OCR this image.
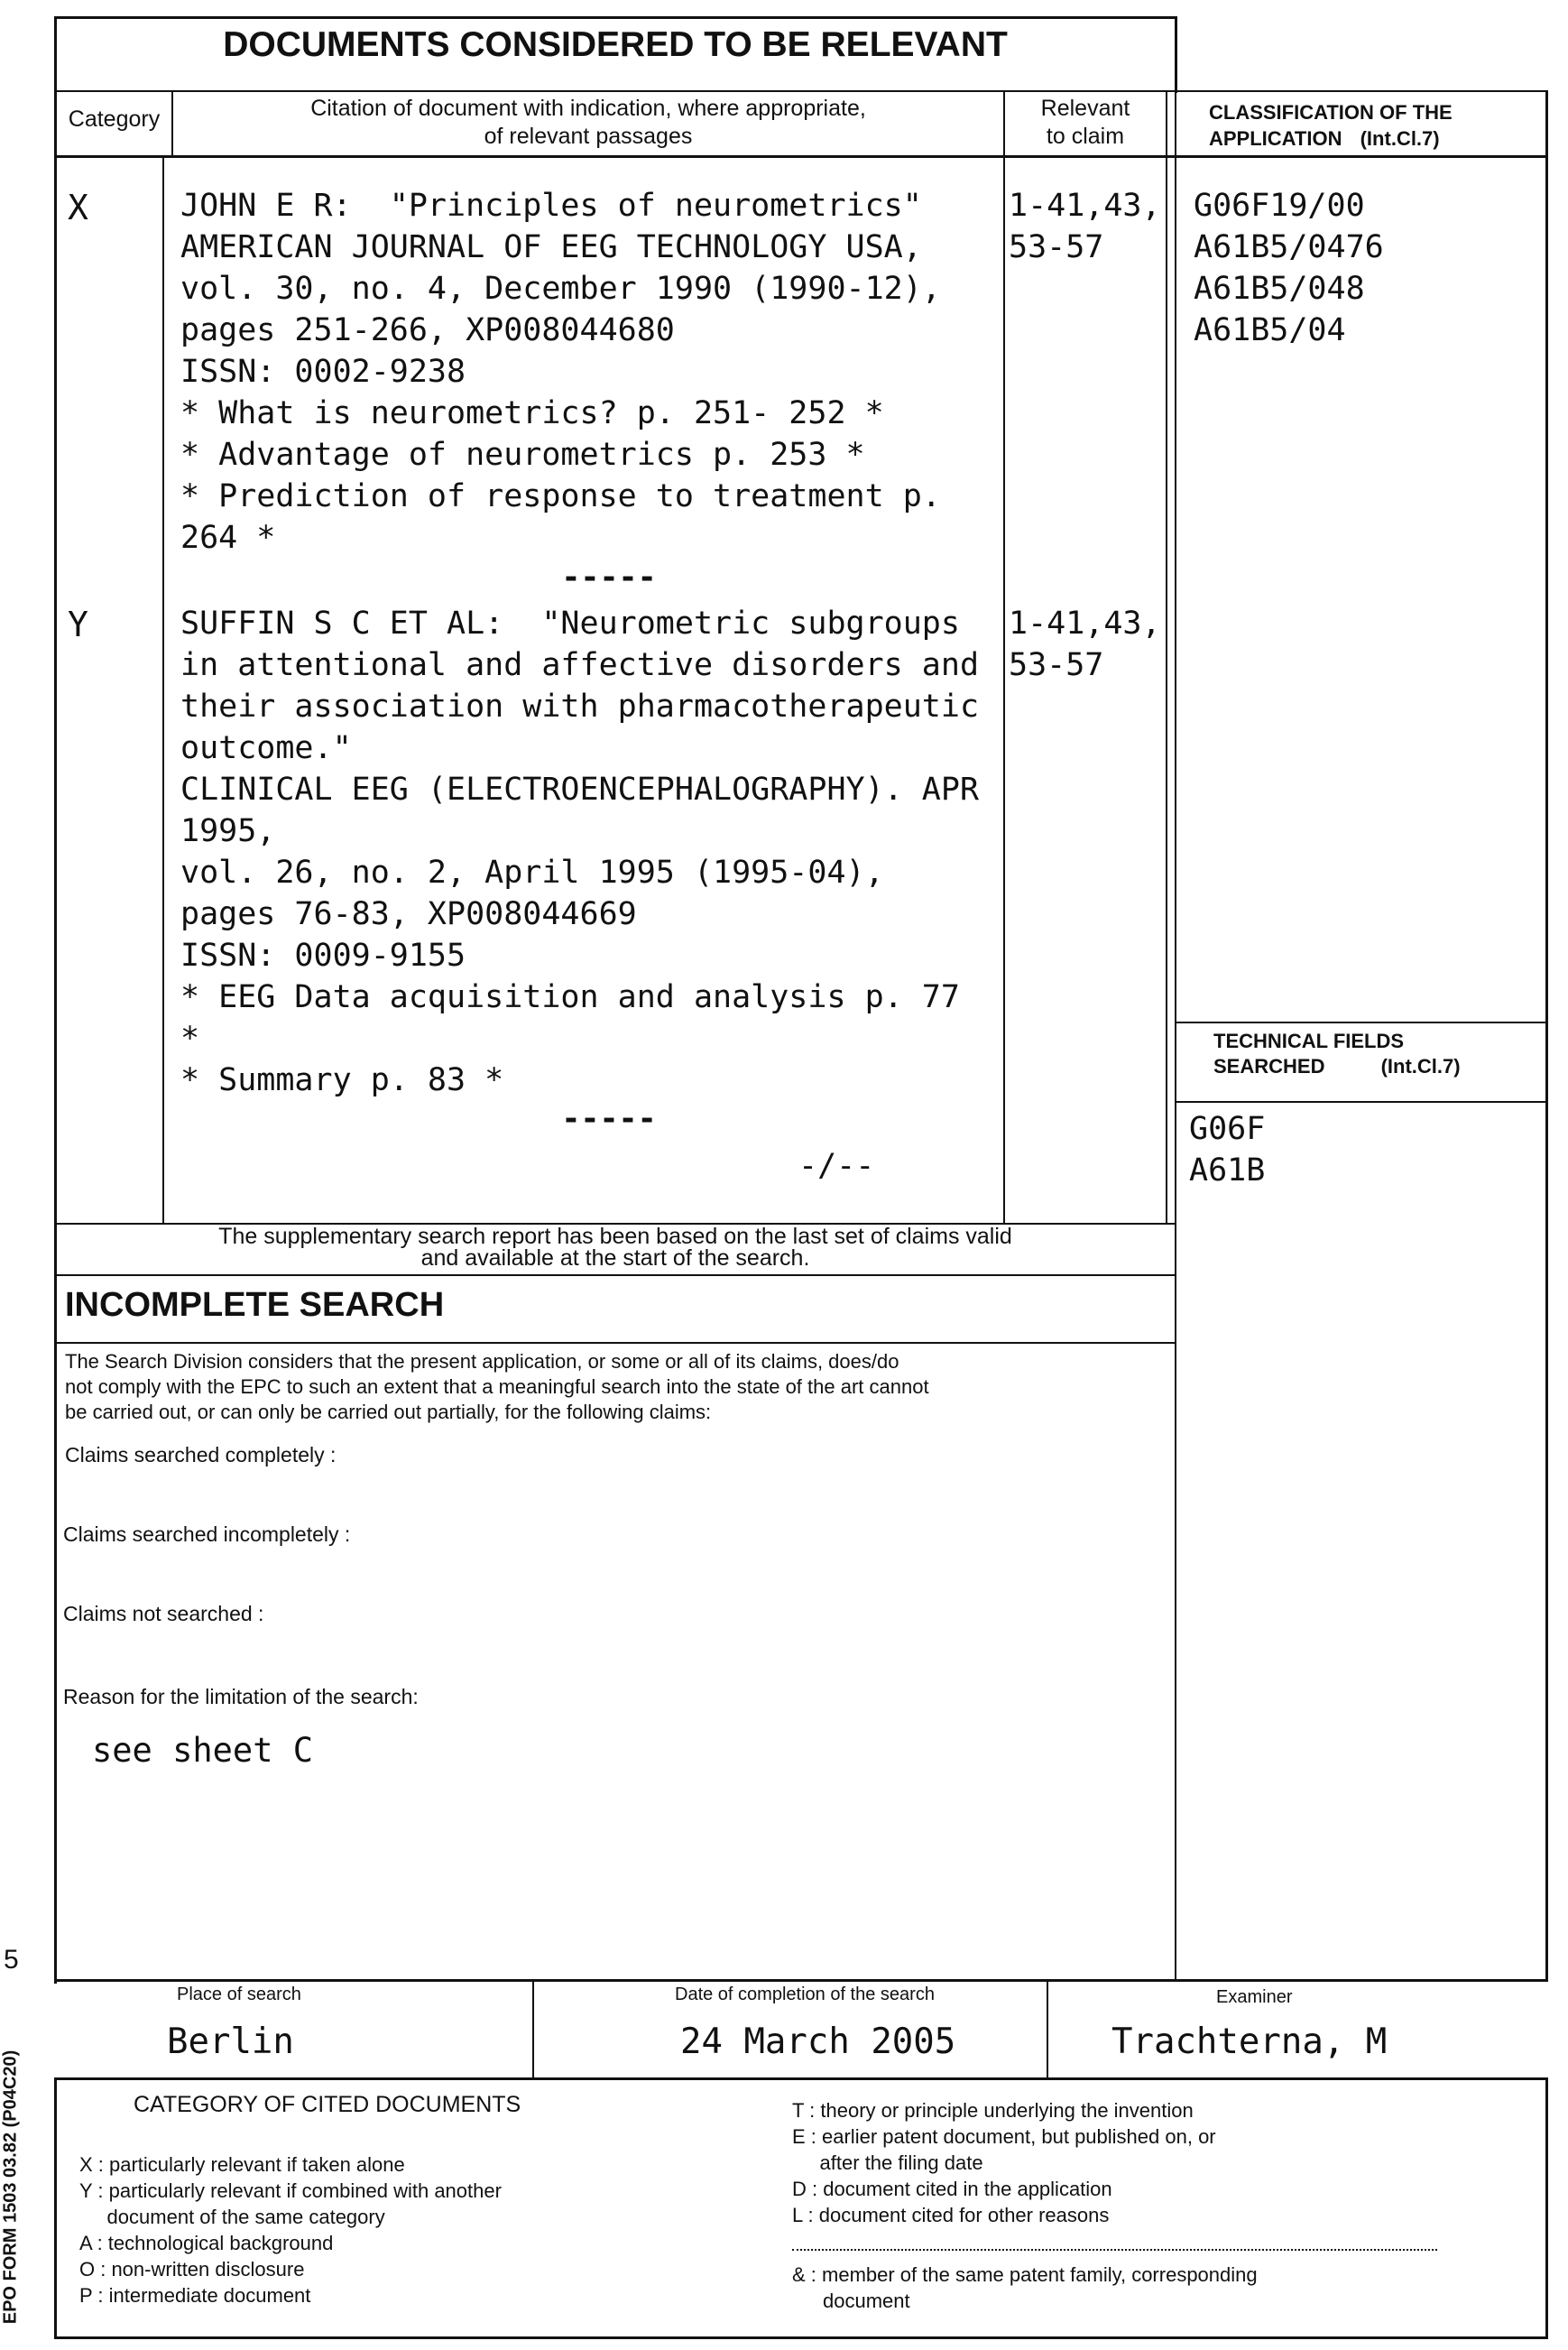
DOCUMENTS CONSIDERED TO BE RELEVANT
Category	Citation of document with indication, where appropriate,
of relevant passages
Relevant
to claim
CLASSIFICATION OF THE
APPLICATION (Int.Cl.7)
X	JOHN E R:  "Principles of neurometrics"
AMERICAN JOURNAL OF EEG TECHNOLOGY USA,
vol. 30, no. 4, December 1990 (1990-12),
pages 251-266, XP008044680
ISSN: 0002-9238
* What is neurometrics? p. 251- 252 *
* Advantage of neurometrics p. 253 *
* Prediction of response to treatment p.
264 *
-----
1-41,43,
53-57
G06F19/00
A61B5/0476
A61B5/048
A61B5/04
Y	SUFFIN S C ET AL:  "Neurometric subgroups
in attentional and affective disorders and
their association with pharmacotherapeutic
outcome."
CLINICAL EEG (ELECTROENCEPHALOGRAPHY). APR
1995,
vol. 26, no. 2, April 1995 (1995-04),
pages 76-83, XP008044669
ISSN: 0009-9155
* EEG Data acquisition and analysis p. 77
*
* Summary p. 83 *
-----
-/--
1-41,43,
53-57
TECHNICAL FIELDS
SEARCHED	(Int.Cl.7)
G06F
A61B
The supplementary search report has been based on the last set of claims valid
and available at the start of the search.
INCOMPLETE SEARCH
The Search Division considers that the present application, or some or all of its claims, does/do
not comply with the EPC to such an extent that a meaningful search into the state of the art cannot
be carried out, or can only be carried out partially, for the following claims:
Claims searched completely :
Claims searched incompletely :
Claims not searched :
Reason for the limitation of the search:
see sheet C
Place of search
Berlin
Date of completion of the search
24 March 2005
Examiner
Trachterna, M
CATEGORY OF CITED DOCUMENTS
X : particularly relevant if taken alone
Y : particularly relevant if combined with another
document of the same category
A : technological background
O : non-written disclosure
P : intermediate document
T : theory or principle underlying the invention
E : earlier patent document, but published on, or
after the filing date
D : document cited in the application
L : document cited for other reasons
& : member of the same patent family, corresponding
document
5
EPO FORM 1503 03.82 (P04C20)
